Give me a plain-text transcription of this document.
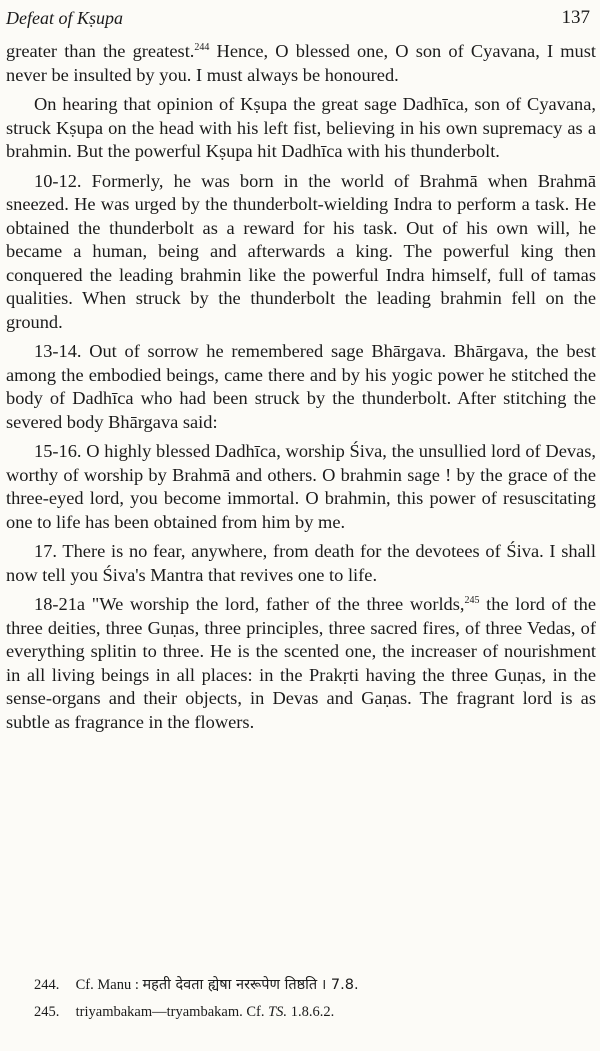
Defeat of Kṣupa	137

greater than the greatest.$^{244}$ Hence, O blessed one, O son of Cyavana, I must never be insulted by you. I must always be honoured.

On hearing that opinion of Kṣupa the great sage Dadhīca, son of Cyavana, struck Kṣupa on the head with his left fist, believing in his own supremacy as a brahmin. But the powerful Kṣupa hit Dadhīca with his thunderbolt.

10-12. Formerly, he was born in the world of Brahmā when Brahmā sneezed. He was urged by the thunderbolt-wielding Indra to perform a task. He obtained the thunderbolt as a reward for his task. Out of his own will, he became a human, being and afterwards a king. The powerful king then conquered the leading brahmin like the powerful Indra himself, full of tamas qualities. When struck by the thunderbolt the leading brahmin fell on the ground.

13-14. Out of sorrow he remembered sage Bhārgava. Bhārgava, the best among the embodied beings, came there and by his yogic power he stitched the body of Dadhīca who had been struck by the thunderbolt. After stitching the severed body Bhārgava said:

15-16. O highly blessed Dadhīca, worship Śiva, the unsullied lord of Devas, worthy of worship by Brahmā and others. O brahmin sage ! by the grace of the three-eyed lord, you become immortal. O brahmin, this power of resuscitating one to life has been obtained from him by me.

17. There is no fear, anywhere, from death for the devotees of Śiva. I shall now tell you Śiva's Mantra that revives one to life.

18-21a "We worship the lord, father of the three worlds,$^{245}$ the lord of the three deities, three Guṇas, three principles, three sacred fires, of three Vedas, of everything splitin to three. He is the scented one, the increaser of nourishment in all living beings in all places: in the Prakṛti having the three Guṇas, in the sense-organs and their objects, in Devas and Gaṇas. The fragrant lord is as subtle as fragrance in the flowers.

244. Cf. Manu : महती देवता ह्येषा नररूपेण तिष्ठति । 7.8.
245. triyambakam—tryambakam. Cf. TS. 1.8.6.2.
